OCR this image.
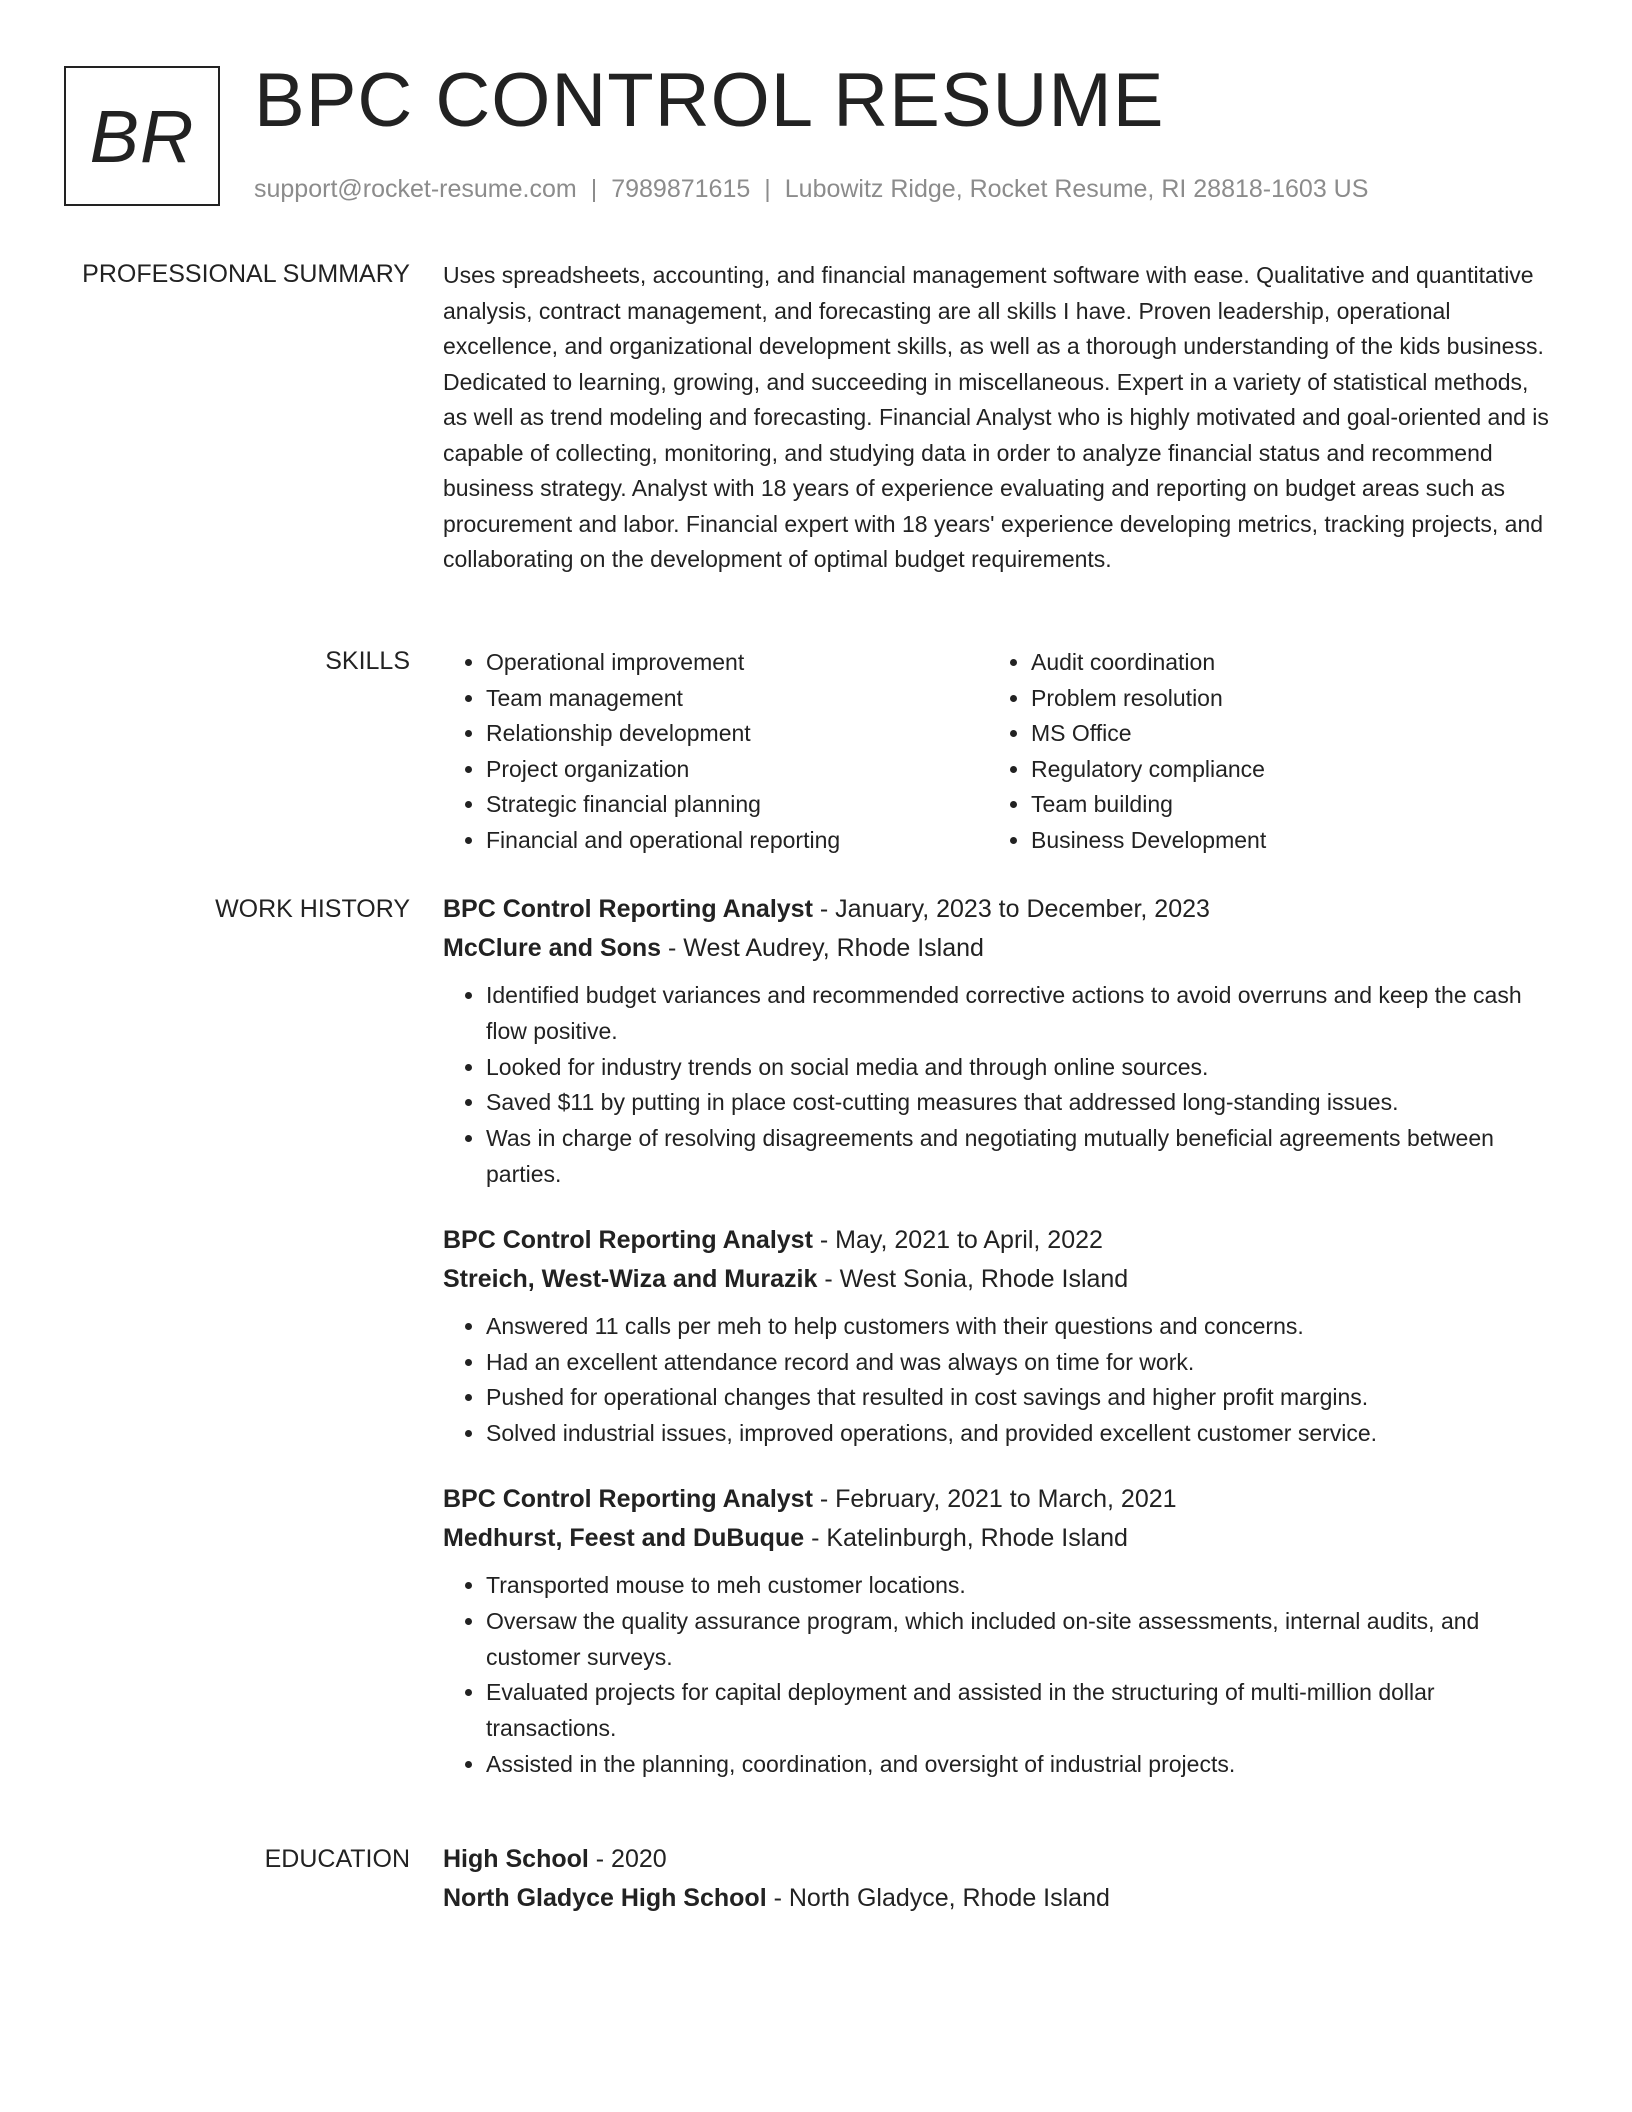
BR BPC CONTROL RESUME
support@rocket-resume.com | 7989871615 | Lubowitz Ridge, Rocket Resume, RI 28818-1603 US
PROFESSIONAL SUMMARY Uses spreadsheets, accounting, and financial management software with ease. Qualitative and quantitative analysis, contract management, and forecasting are all skills I have. Proven leadership, operational excellence, and organizational development skills, as well as a thorough understanding of the kids business. Dedicated to learning, growing, and succeeding in miscellaneous. Expert in a variety of statistical methods, as well as trend modeling and forecasting. Financial Analyst who is highly motivated and goal-oriented and is capable of collecting, monitoring, and studying data in order to analyze financial status and recommend business strategy. Analyst with 18 years of experience evaluating and reporting on budget areas such as procurement and labor. Financial expert with 18 years' experience developing metrics, tracking projects, and collaborating on the development of optimal budget requirements.

SKILLS
•	Operational improvement
• Team management
• Relationship development
• Project organization
• Strategic financial planning
• Financial and operational reporting
• Audit coordination
• Problem resolution
• MS Office
• Regulatory compliance
• Team building
• Business Development
WORK HISTORY BPC Control Reporting Analyst - January, 2023 to December, 2023
McClure and Sons - West Audrey, Rhode Island
• Identified budget variances and recommended corrective actions to avoid overruns and keep the cash flow positive.
• Looked for industry trends on social media and through online sources.
• Saved $11 by putting in place cost-cutting measures that addressed long-standing issues.
• Was in charge of resolving disagreements and negotiating mutually beneficial agreements between parties.
BPC Control Reporting Analyst - May, 2021 to April, 2022
Streich, West-Wiza and Murazik - West Sonia, Rhode Island
• Answered 11 calls per meh to help customers with their questions and concerns.
• Had an excellent attendance record and was always on time for work.
• Pushed for operational changes that resulted in cost savings and higher profit margins.
• Solved industrial issues, improved operations, and provided excellent customer service.
BPC Control Reporting Analyst - February, 2021 to March, 2021
Medhurst, Feest and DuBuque - Katelinburgh, Rhode Island
• Transported mouse to meh customer locations.
• Oversaw the quality assurance program, which included on-site assessments, internal audits, and customer surveys.
• Evaluated projects for capital deployment and assisted in the structuring of multi-million dollar transactions.
• Assisted in the planning, coordination, and oversight of industrial projects.
EDUCATION High School - 2020
North Gladyce High School - North Gladyce, Rhode Island
